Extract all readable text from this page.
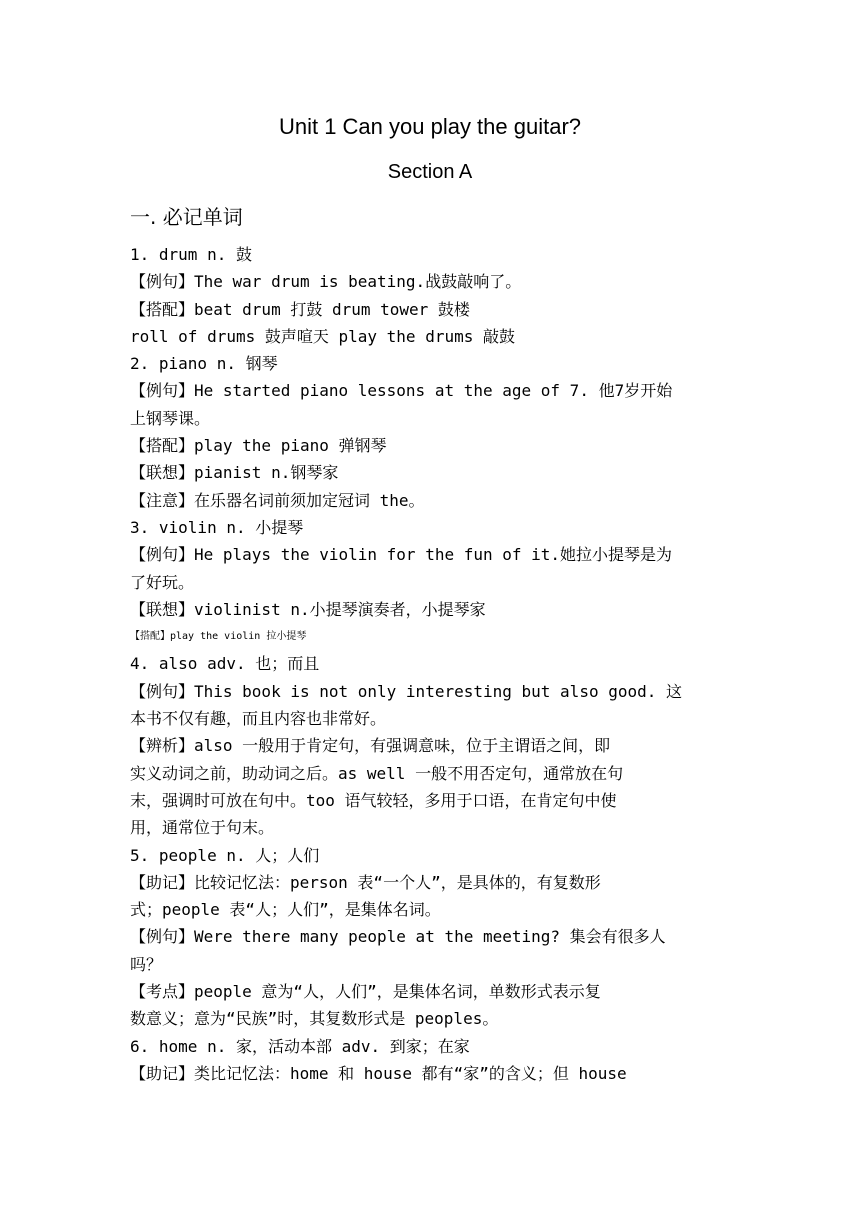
Unit 1 Can you play the guitar?
Section A
一. 必记单词
1. drum n. 鼓
【例句】The war drum is beating.战鼓敲响了。
【搭配】beat drum 打鼓 drum tower 鼓楼
roll of drums 鼓声喧天 play the drums 敲鼓
2. piano n. 钢琴
【例句】He started piano lessons at the age of 7. 他7岁开始
上钢琴课。
【搭配】play the piano 弹钢琴
【联想】pianist n.钢琴家
【注意】在乐器名词前须加定冠词 the。
3. violin n. 小提琴
【例句】He plays the violin for the fun of it.她拉小提琴是为
了好玩。
【联想】violinist n.小提琴演奏者，小提琴家
【搭配】play the violin 拉小提琴
4. also adv. 也；而且
【例句】This book is not only interesting but also good. 这
本书不仅有趣，而且内容也非常好。
【辨析】also 一般用于肯定句，有强调意味，位于主谓语之间，即
实义动词之前，助动词之后。as well 一般不用否定句，通常放在句
末，强调时可放在句中。too 语气较轻，多用于口语，在肯定句中使
用，通常位于句末。
5. people n. 人；人们
【助记】比较记忆法：person 表“一个人”，是具体的，有复数形
式；people 表“人；人们”，是集体名词。
【例句】Were there many people at the meeting? 集会有很多人
吗？
【考点】people 意为“人，人们”，是集体名词，单数形式表示复
数意义；意为“民族”时，其复数形式是 peoples。
6. home n. 家，活动本部 adv. 到家；在家
【助记】类比记忆法：home 和 house 都有“家”的含义；但 house
